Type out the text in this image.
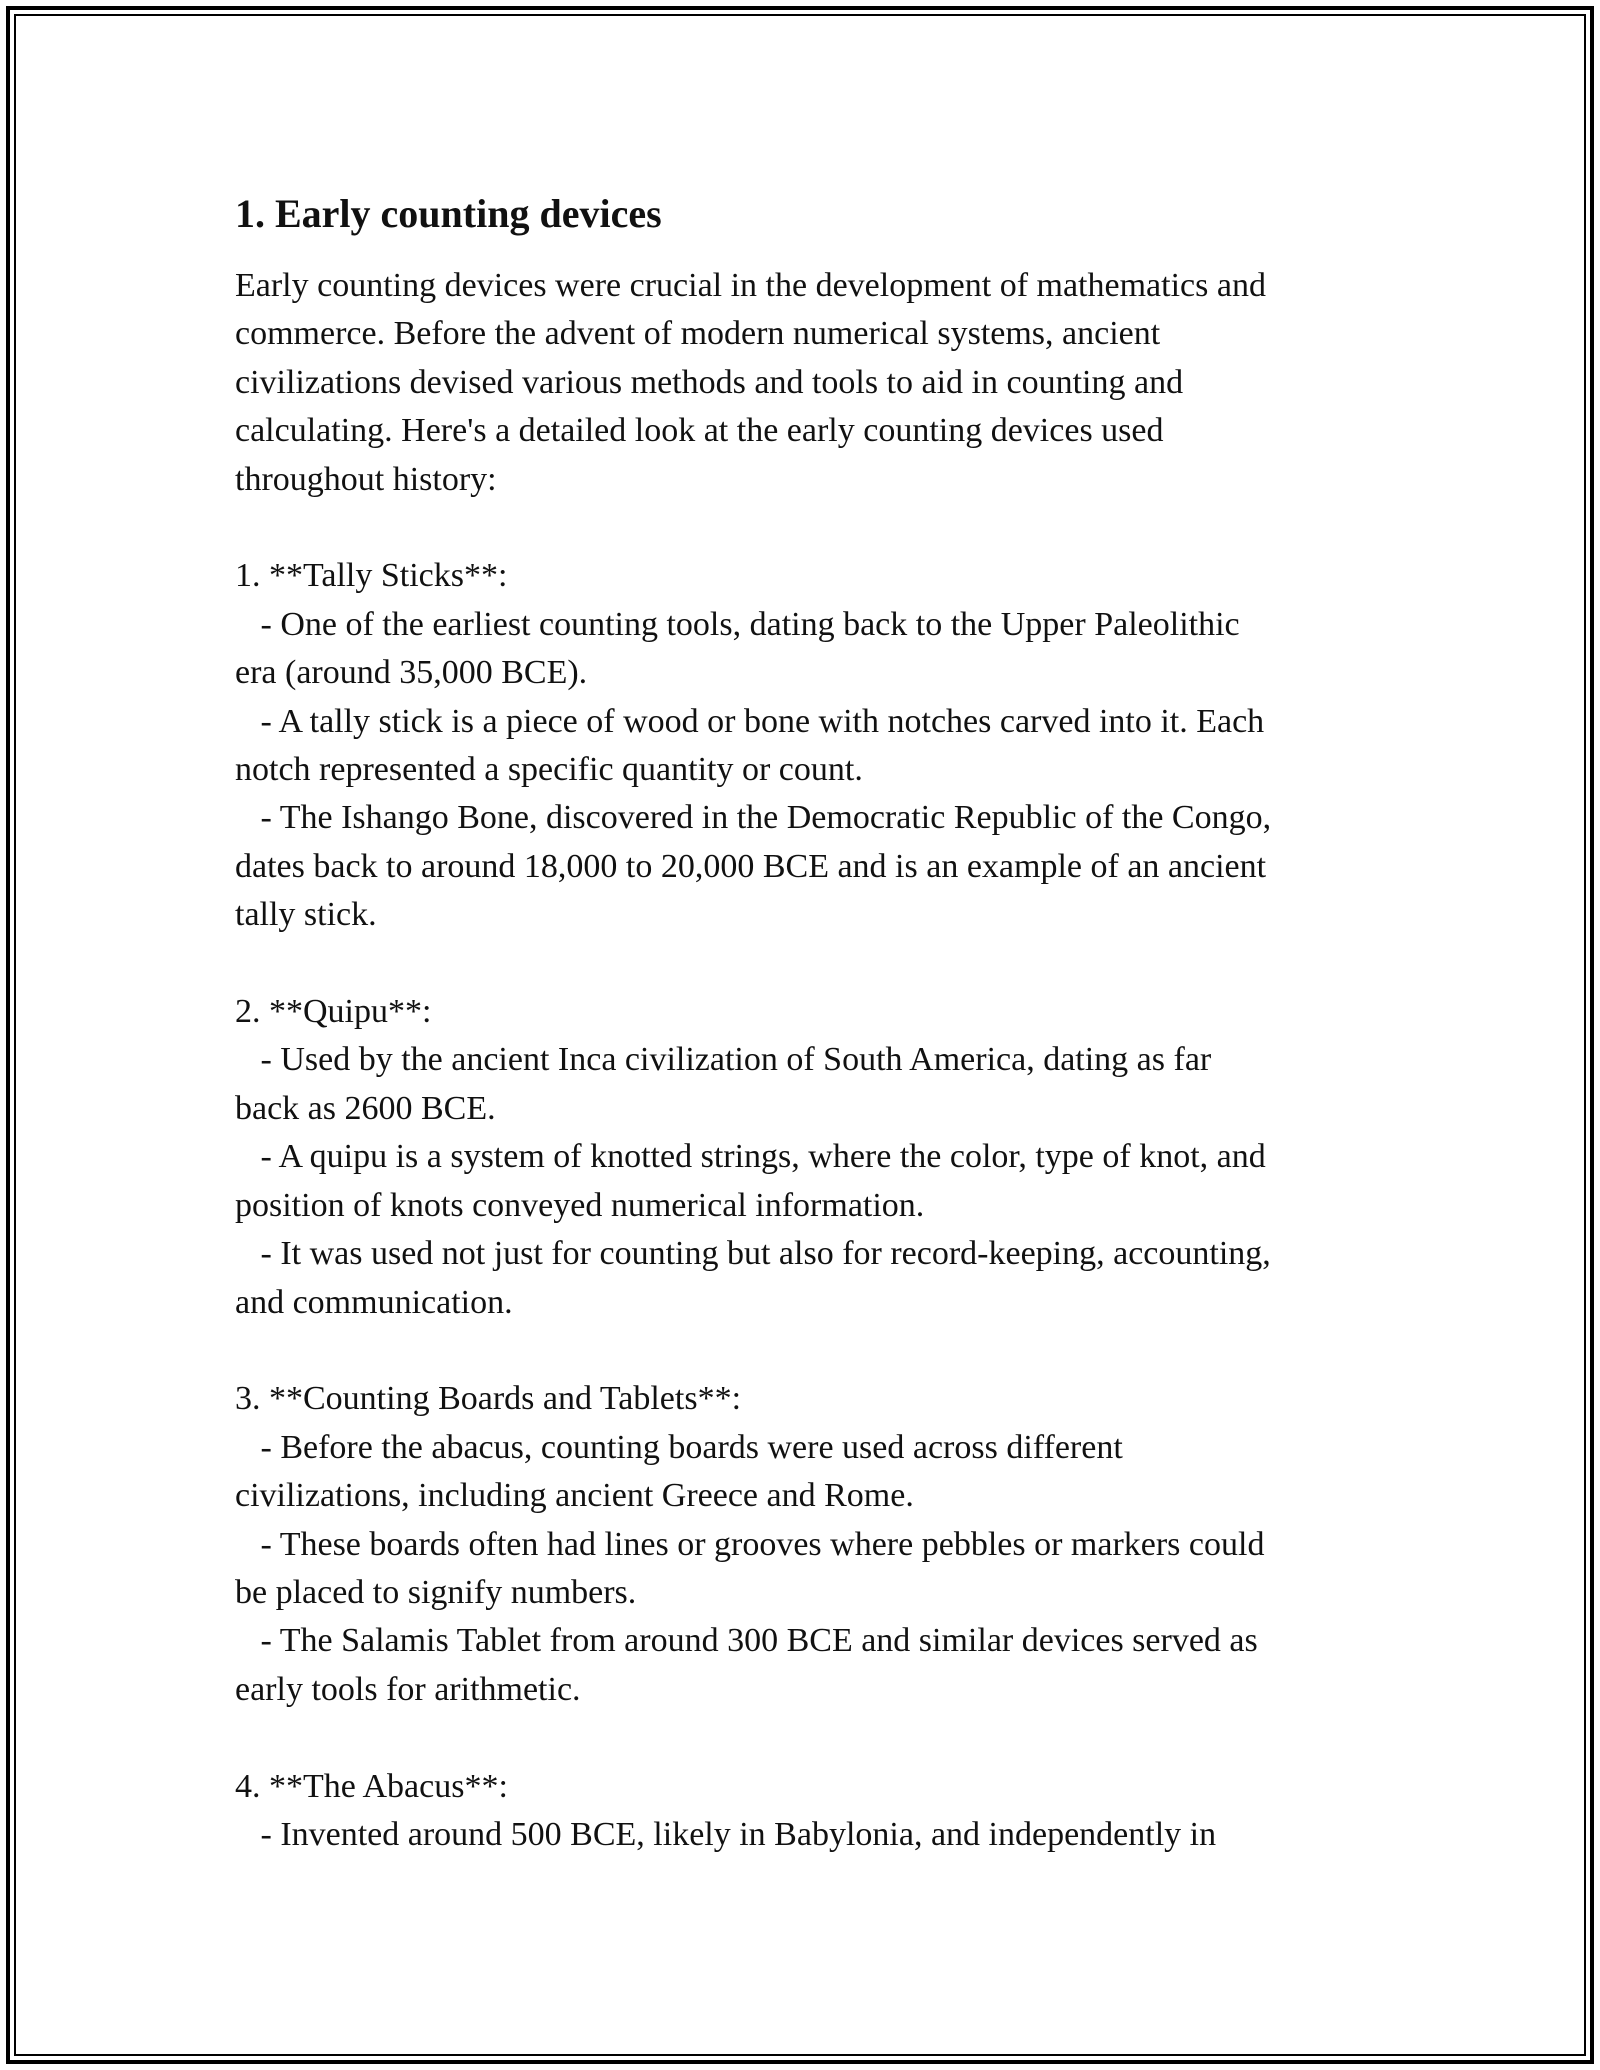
1. Early counting devices

Early counting devices were crucial in the development of mathematics and

commerce. Before the advent of modern numerical systems, ancient

civilizations devised various methods and tools to aid in counting and

calculating. Here's a detailed look at the early counting devices used

throughout history:

1. **Tally Sticks**:

- One of the earliest counting tools, dating back to the Upper Paleolithic

era (around 35,000 BCE).

- A tally stick is a piece of wood or bone with notches carved into it. Each

notch represented a specific quantity or count.

- The Ishango Bone, discovered in the Democratic Republic of the Congo,

dates back to around 18,000 to 20,000 BCE and is an example of an ancient

tally stick.

2. **Quipu**:

- Used by the ancient Inca civilization of South America, dating as far

back as 2600 BCE.

- A quipu is a system of knotted strings, where the color, type of knot, and

position of knots conveyed numerical information.

- It was used not just for counting but also for record-keeping, accounting,

and communication.

3. **Counting Boards and Tablets**:

- Before the abacus, counting boards were used across different

civilizations, including ancient Greece and Rome.

- These boards often had lines or grooves where pebbles or markers could

be placed to signify numbers.

- The Salamis Tablet from around 300 BCE and similar devices served as

early tools for arithmetic.

4. **The Abacus**:

- Invented around 500 BCE, likely in Babylonia, and independently in
